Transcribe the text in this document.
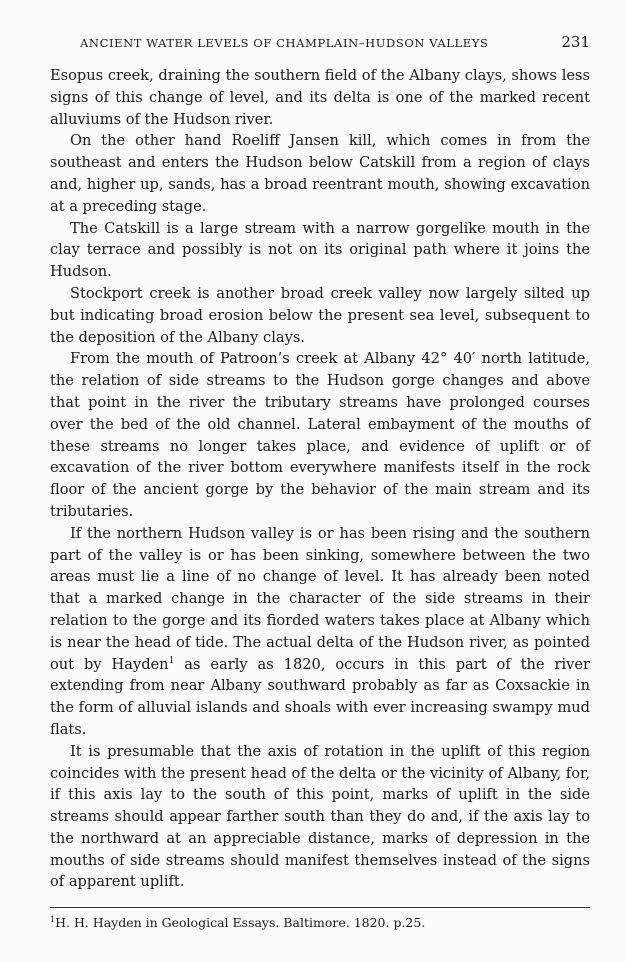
ANCIENT WATER LEVELS OF CHAMPLAIN–HUDSON VALLEYS	231

Esopus creek, draining the southern field of the Albany clays, shows less signs of this change of level, and its delta is one of the marked recent alluviums of the Hudson river.

On the other hand Roeliff Jansen kill, which comes in from the southeast and enters the Hudson below Catskill from a region of clays and, higher up, sands, has a broad reentrant mouth, showing excavation at a preceding stage.

The Catskill is a large stream with a narrow gorgelike mouth in the clay terrace and possibly is not on its original path where it joins the Hudson.

Stockport creek is another broad creek valley now largely silted up but indicating broad erosion below the present sea level, subsequent to the deposition of the Albany clays.

From the mouth of Patroon’s creek at Albany 42° 40′ north latitude, the relation of side streams to the Hudson gorge changes and above that point in the river the tributary streams have prolonged courses over the bed of the old channel. Lateral embayment of the mouths of these streams no longer takes place, and evidence of uplift or of excavation of the river bottom everywhere manifests itself in the rock floor of the ancient gorge by the behavior of the main stream and its tributaries.

If the northern Hudson valley is or has been rising and the southern part of the valley is or has been sinking, somewhere between the two areas must lie a line of no change of level. It has already been noted that a marked change in the character of the side streams in their relation to the gorge and its fiorded waters takes place at Albany which is near the head of tide. The actual delta of the Hudson river, as pointed out by Hayden$^1$ as early as 1820, occurs in this part of the river extending from near Albany southward probably as far as Coxsackie in the form of alluvial islands and shoals with ever increasing swampy mud flats.

It is presumable that the axis of rotation in the uplift of this region coincides with the present head of the delta or the vicinity of Albany, for, if this axis lay to the south of this point, marks of uplift in the side streams should appear farther south than they do and, if the axis lay to the northward at an appreciable distance, marks of depression in the mouths of side streams should manifest themselves instead of the signs of apparent uplift.

$^1$H. H. Hayden in Geological Essays. Baltimore. 1820. p.25.
